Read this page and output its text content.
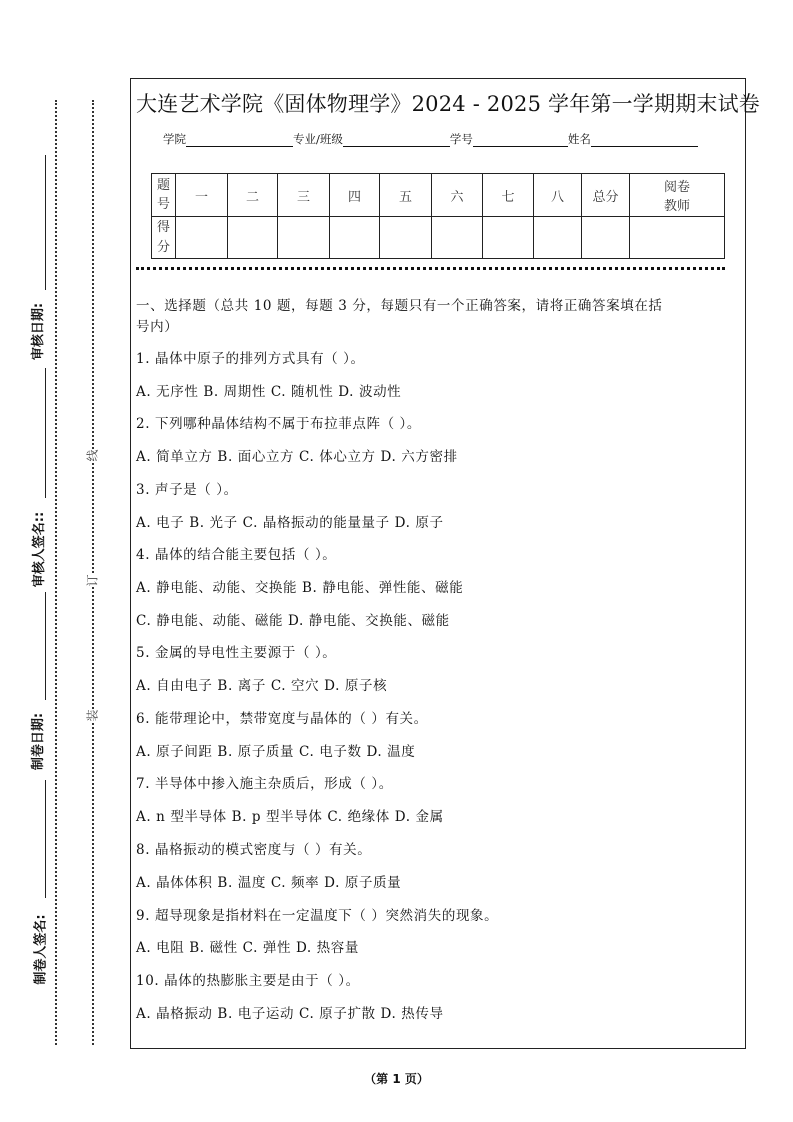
线
订
装
审核日期:
审核人签名::
制卷日期:
制卷人签名:
大连艺术学院《固体物理学》2024 - 2025 学年第一学期期末试卷
学院	专业/班级	学号	姓名
题号	一	二	三	四	五	六	七	八	总分	阅卷教师
得分										
一、选择题（总共 10 题，每题 3 分，每题只有一个正确答案，请将正确答案填在括
号内）
1. 晶体中原子的排列方式具有（ ）。
A. 无序性 B. 周期性 C. 随机性 D. 波动性
2. 下列哪种晶体结构不属于布拉菲点阵（ ）。
A. 简单立方 B. 面心立方 C. 体心立方 D. 六方密排
3. 声子是（ ）。
A. 电子 B. 光子 C. 晶格振动的能量量子 D. 原子
4. 晶体的结合能主要包括（ ）。
A. 静电能、动能、交换能 B. 静电能、弹性能、磁能
C. 静电能、动能、磁能 D. 静电能、交换能、磁能
5. 金属的导电性主要源于（ ）。
A. 自由电子 B. 离子 C. 空穴 D. 原子核
6. 能带理论中，禁带宽度与晶体的（ ）有关。
A. 原子间距 B. 原子质量 C. 电子数 D. 温度
7. 半导体中掺入施主杂质后，形成（ ）。
A. n 型半导体 B. p 型半导体 C. 绝缘体 D. 金属
8. 晶格振动的模式密度与（ ）有关。
A. 晶体体积 B. 温度 C. 频率 D. 原子质量
9. 超导现象是指材料在一定温度下（ ）突然消失的现象。
A. 电阻 B. 磁性 C. 弹性 D. 热容量
10. 晶体的热膨胀主要是由于（ ）。
A. 晶格振动 B. 电子运动 C. 原子扩散 D. 热传导
（第 1 页）
